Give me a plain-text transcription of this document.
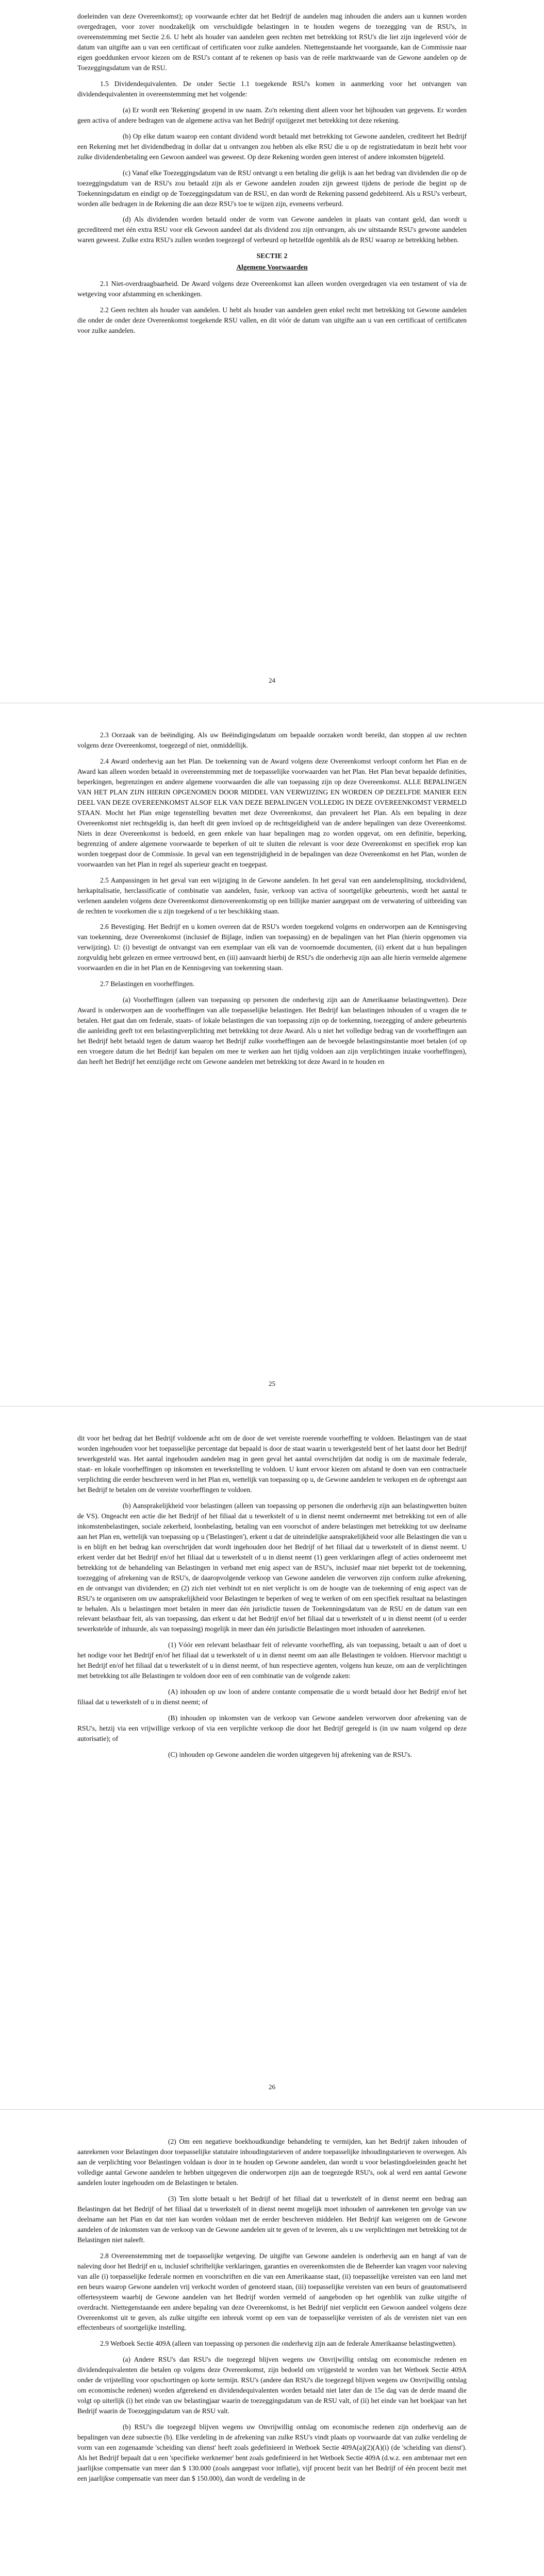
doeleinden van deze Overeenkomst); op voorwaarde echter dat het Bedrijf de aandelen mag inhouden die anders aan u kunnen worden overgedragen, voor zover noodzakelijk om verschuldigde belastingen in te houden wegens de toezegging van de RSU's, in overeenstemming met Sectie 2.6. U hebt als houder van aandelen geen rechten met betrekking tot RSU's die liet zijn ingeleverd vóór de datum van uitgifte aan u van een certificaat of certificaten voor zulke aandelen. Niettegenstaande het voorgaande, kan de Commissie naar eigen goeddunken ervoor kiezen om de RSU's contant af te rekenen op basis van de reële marktwaarde van de Gewone aandelen op de Toezeggingsdatum van de RSU.

1.5 Dividendequivalenten. De onder Sectie 1.1 toegekende RSU's komen in aanmerking voor het ontvangen van dividendequivalenten in overeenstemming met het volgende:

(a) Er wordt een 'Rekening' geopend in uw naam. Zo'n rekening dient alleen voor het bijhouden van gegevens. Er worden geen activa of andere bedragen van de algemene activa van het Bedrijf opzijgezet met betrekking tot deze rekening.

(b) Op elke datum waarop een contant dividend wordt betaald met betrekking tot Gewone aandelen, crediteert het Bedrijf een Rekening met het dividendbedrag in dollar dat u ontvangen zou hebben als elke RSU die u op de registratiedatum in bezit hebt voor zulke dividendenbetaling een Gewoon aandeel was geweest. Op deze Rekening worden geen interest of andere inkomsten bijgeteld.

(c) Vanaf elke Toezeggingsdatum van de RSU ontvangt u een betaling die gelijk is aan het bedrag van dividenden die op de toezeggingsdatum van de RSU's zou betaald zijn als er Gewone aandelen zouden zijn geweest tijdens de periode die begint op de Toekenningsdatum en eindigt op de Toezeggingsdatum van de RSU, en dan wordt de Rekening passend gedebiteerd. Als u RSU's verbeurt, worden alle bedragen in de Rekening die aan deze RSU's toe te wijzen zijn, eveneens verbeurd.

(d) Als dividenden worden betaald onder de vorm van Gewone aandelen in plaats van contant geld, dan wordt u gecrediteerd met één extra RSU voor elk Gewoon aandeel dat als dividend zou zijn ontvangen, als uw uitstaande RSU's gewone aandelen waren geweest. Zulke extra RSU's zullen worden toegezegd of verbeurd op hetzelfde ogenblik als de RSU waarop ze betrekking hebben.

SECTIE 2
Algemene Voorwaarden

2.1 Niet-overdraagbaarheid. De Award volgens deze Overeenkomst kan alleen worden overgedragen via een testament of via de wetgeving voor afstamming en schenkingen.

2.2 Geen rechten als houder van aandelen. U hebt als houder van aandelen geen enkel recht met betrekking tot Gewone aandelen die onder de onder deze Overeenkomst toegekende RSU vallen, en dit vóór de datum van uitgifte aan u van een certificaat of certificaten voor zulke aandelen.

24

2.3 Oorzaak van de beëindiging. Als uw Beëindigingsdatum om bepaalde oorzaken wordt bereikt, dan stoppen al uw rechten volgens deze Overeenkomst, toegezegd of niet, onmiddellijk.

2.4 Award onderhevig aan het Plan. De toekenning van de Award volgens deze Overeenkomst verloopt conform het Plan en de Award kan alleen worden betaald in overeenstemming met de toepasselijke voorwaarden van het Plan. Het Plan bevat bepaalde definities, beperkingen, begrenzingen en andere algemene voorwaarden die alle van toepassing zijn op deze Overeenkomst. ALLE BEPALINGEN VAN HET PLAN ZIJN HIERIN OPGENOMEN DOOR MIDDEL VAN VERWIJZING EN WORDEN OP DEZELFDE MANIER EEN DEEL VAN DEZE OVEREENKOMST ALSOF ELK VAN DEZE BEPALINGEN VOLLEDIG IN DEZE OVEREENKOMST VERMELD STAAN. Mocht het Plan enige tegenstelling bevatten met deze Overeenkomst, dan prevaleert het Plan. Als een bepaling in deze Overeenkomst niet rechtsgeldig is, dan heeft dit geen invloed op de rechtsgeldigheid van de andere bepalingen van deze Overeenkomst. Niets in deze Overeenkomst is bedoeld, en geen enkele van haar bepalingen mag zo worden opgevat, om een definitie, beperking, begrenzing of andere algemene voorwaarde te beperken of uit te sluiten die relevant is voor deze Overeenkomst en specifiek erop kan worden toegepast door de Commissie. In geval van een tegenstrijdigheid in de bepalingen van deze Overeenkomst en het Plan, worden de voorwaarden van het Plan in regel als superieur geacht en toegepast.

2.5 Aanpassingen in het geval van een wijziging in de Gewone aandelen. In het geval van een aandelensplitsing, stockdividend, herkapitalisatie, herclassificatie of combinatie van aandelen, fusie, verkoop van activa of soortgelijke gebeurtenis, wordt het aantal te verlenen aandelen volgens deze Overeenkomst dienovereenkomstig op een billijke manier aangepast om de verwatering of uitbreiding van de rechten te voorkomen die u zijn toegekend of u ter beschikking staan.

2.6 Bevestiging. Het Bedrijf en u komen overeen dat de RSU's worden toegekend volgens en onderworpen aan de Kennisgeving van toekenning, deze Overeenkomst (inclusief de Bijlage, indien van toepassing) en de bepalingen van het Plan (hierin opgenomen via verwijzing). U: (i) bevestigt de ontvangst van een exemplaar van elk van de voornoemde documenten, (ii) erkent dat u hun bepalingen zorgvuldig hebt gelezen en ermee vertrouwd bent, en (iii) aanvaardt hierbij de RSU's die onderhevig zijn aan alle hierin vermelde algemene voorwaarden en die in het Plan en de Kennisgeving van toekenning staan.

2.7 Belastingen en voorheffingen.

(a) Voorheffingen (alleen van toepassing op personen die onderhevig zijn aan de Amerikaanse belastingwetten). Deze Award is onderworpen aan de voorheffingen van alle toepasselijke belastingen. Het Bedrijf kan belastingen inhouden of u vragen die te betalen. Het gaat dan om federale, staats- of lokale belastingen die van toepassing zijn op de toekenning, toezegging of andere gebeurtenis die aanleiding geeft tot een belastingverplichting met betrekking tot deze Award. Als u niet het volledige bedrag van de voorheffingen aan het Bedrijf hebt betaald tegen de datum waarop het Bedrijf zulke voorheffingen aan de bevoegde belastingsinstantie moet betalen (of op een vroegere datum die het Bedrijf kan bepalen om mee te werken aan het tijdig voldoen aan zijn verplichtingen inzake voorheffingen), dan heeft het Bedrijf het eenzijdige recht om Gewone aandelen met betrekking tot deze Award in te houden en

25

dit voor het bedrag dat het Bedrijf voldoende acht om de door de wet vereiste roerende voorheffing te voldoen. Belastingen van de staat worden ingehouden voor het toepasselijke percentage dat bepaald is door de staat waarin u tewerkgesteld bent of het laatst door het Bedrijf tewerkgesteld was. Het aantal ingehouden aandelen mag in geen geval het aantal overschrijden dat nodig is om de maximale federale, staat- en lokale voorheffingen op inkomsten en tewerkstelling te voldoen. U kunt ervoor kiezen om afstand te doen van een contractuele verplichting die eerder beschreven werd in het Plan en, wettelijk van toepassing op u, de Gewone aandelen te verkopen en de opbrengst aan het Bedrijf te betalen om de vereiste voorheffingen te voldoen.

(b) Aansprakelijkheid voor belastingen (alleen van toepassing op personen die onderhevig zijn aan belastingwetten buiten de VS). Ongeacht een actie die het Bedrijf of het filiaal dat u tewerkstelt of u in dienst neemt onderneemt met betrekking tot een of alle inkomstenbelastingen, sociale zekerheid, loonbelasting, betaling van een voorschot of andere belastingen met betrekking tot uw deelname aan het Plan en, wettelijk van toepassing op u ('Belastingen'), erkent u dat de uiteindelijke aansprakelijkheid voor alle Belastingen die van u is en blijft en het bedrag kan overschrijden dat wordt ingehouden door het Bedrijf of het filiaal dat u tewerkstelt of in dienst neemt. U erkent verder dat het Bedrijf en/of het filiaal dat u tewerkstelt of u in dienst neemt (1) geen verklaringen aflegt of acties onderneemt met betrekking tot de behandeling van Belastingen in verband met enig aspect van de RSU's, inclusief maar niet beperkt tot de toekenning, toezegging of afrekening van de RSU's, de daaropvolgende verkoop van Gewone aandelen die verworven zijn conform zulke afrekening, en de ontvangst van dividenden; en (2) zich niet verbindt tot en niet verplicht is om de hoogte van de toekenning of enig aspect van de RSU's te organiseren om uw aansprakelijkheid voor Belastingen te beperken of weg te werken of om een specifiek resultaat na belastingen te behalen. Als u belastingen moet betalen in meer dan één jurisdictie tussen de Toekenningsdatum van de RSU en de datum van een relevant belastbaar feit, als van toepassing, dan erkent u dat het Bedrijf en/of het filiaal dat u tewerkstelt of u in dienst neemt (of u eerder tewerkstelde of inhuurde, als van toepassing) mogelijk in meer dan één jurisdictie Belastingen moet inhouden of aanrekenen.

(1) Vóór een relevant belastbaar feit of relevante voorheffing, als van toepassing, betaalt u aan of doet u het nodige voor het Bedrijf en/of het filiaal dat u tewerkstelt of u in dienst neemt om aan alle Belastingen te voldoen. Hiervoor machtigt u het Bedrijf en/of het filiaal dat u tewerkstelt of u in dienst neemt, of hun respectieve agenten, volgens hun keuze, om aan de verplichtingen met betrekking tot alle Belastingen te voldoen door een of een combinatie van de volgende zaken:

(A) inhouden op uw loon of andere contante compensatie die u wordt betaald door het Bedrijf en/of het filiaal dat u tewerkstelt of u in dienst neemt; of

(B) inhouden op inkomsten van de verkoop van Gewone aandelen verworven door afrekening van de RSU's, hetzij via een vrijwillige verkoop of via een verplichte verkoop die door het Bedrijf geregeld is (in uw naam volgend op deze autorisatie); of

(C) inhouden op Gewone aandelen die worden uitgegeven bij afrekening van de RSU's.

26

(2) Om een negatieve boekhoudkundige behandeling te vermijden, kan het Bedrijf zaken inhouden of aanrekenen voor Belastingen door toepasselijke statutaire inhoudingstarieven of andere toepasselijke inhoudingstarieven te overwegen. Als aan de verplichting voor Belastingen voldaan is door in te houden op Gewone aandelen, dan wordt u voor belastingdoeleinden geacht het volledige aantal Gewone aandelen te hebben uitgegeven die onderworpen zijn aan de toegezegde RSU's, ook al werd een aantal Gewone aandelen louter ingehouden om de Belastingen te betalen.

(3) Ten slotte betaalt u het Bedrijf of het filiaal dat u tewerkstelt of in dienst neemt een bedrag aan Belastingen dat het Bedrijf of het filiaal dat u tewerkstelt of in dienst neemt mogelijk moet inhouden of aanrekenen ten gevolge van uw deelname aan het Plan en dat niet kan worden voldaan met de eerder beschreven middelen. Het Bedrijf kan weigeren om de Gewone aandelen of de inkomsten van de verkoop van de Gewone aandelen uit te geven of te leveren, als u uw verplichtingen met betrekking tot de Belastingen niet naleeft.

2.8 Overeenstemming met de toepasselijke wetgeving. De uitgifte van Gewone aandelen is onderhevig aan en hangt af van de naleving door het Bedrijf en u, inclusief schriftelijke verklaringen, garanties en overeenkomsten die de Beheerder kan vragen voor naleving van alle (i) toepasselijke federale normen en voorschriften en die van een Amerikaanse staat, (ii) toepasselijke vereisten van een land met een beurs waarop Gewone aandelen vrij verkocht worden of genoteerd staan, (iii) toepasselijke vereisten van een beurs of geautomatiseerd offertesysteem waarbij de Gewone aandelen van het Bedrijf worden vermeld of aangeboden op het ogenblik van zulke uitgifte of overdracht. Niettegenstaande een andere bepaling van deze Overeenkomst, is het Bedrijf niet verplicht een Gewoon aandeel volgens deze Overeenkomst uit te geven, als zulke uitgifte een inbreuk vormt op een van de toepasselijke vereisten of als de vereisten niet van een effectenbeurs of soortgelijke instelling.

2.9 Wetboek Sectie 409A (alleen van toepassing op personen die onderhevig zijn aan de federale Amerikaanse belastingwetten).

(a) Andere RSU's dan RSU's die toegezegd blijven wegens uw Onvrijwillig ontslag om economische redenen en dividendequivalenten die betalen op volgens deze Overeenkomst, zijn bedoeld om vrijgesteld te worden van het Wetboek Sectie 409A onder de vrijstelling voor opschortingen op korte termijn. RSU's (andere dan RSU's die toegezegd blijven wegens uw Onvrijwillig ontslag om economische redenen) worden afgerekend en dividendequivalenten worden betaald niet later dan de 15e dag van de derde maand die volgt op uiterlijk (i) het einde van uw belastingjaar waarin de toezeggingsdatum van de RSU valt, of (ii) het einde van het boekjaar van het Bedrijf waarin de Toezeggingsdatum van de RSU valt.

(b) RSU's die toegezegd blijven wegens uw Onvrijwillig ontslag om economische redenen zijn onderhevig aan de bepalingen van deze subsectie (b). Elke verdeling in de afrekening van zulke RSU's vindt plaats op voorwaarde dat van zulke verdeling de vorm van een zogenaamde 'scheiding van dienst' heeft zoals gedefinieerd in Wetboek Sectie 409A(a)(2)(A)(i) (de 'scheiding van dienst'). Als het Bedrijf bepaalt dat u een 'specifieke werknemer' bent zoals gedefinieerd in het Wetboek Sectie 409A (d.w.z. een ambtenaar met een jaarlijkse compensatie van meer dan $ 130.000 (zoals aangepast voor inflatie), vijf procent bezit van het Bedrijf of één procent bezit met een jaarlijkse compensatie van meer dan $ 150.000), dan wordt de verdeling in de
